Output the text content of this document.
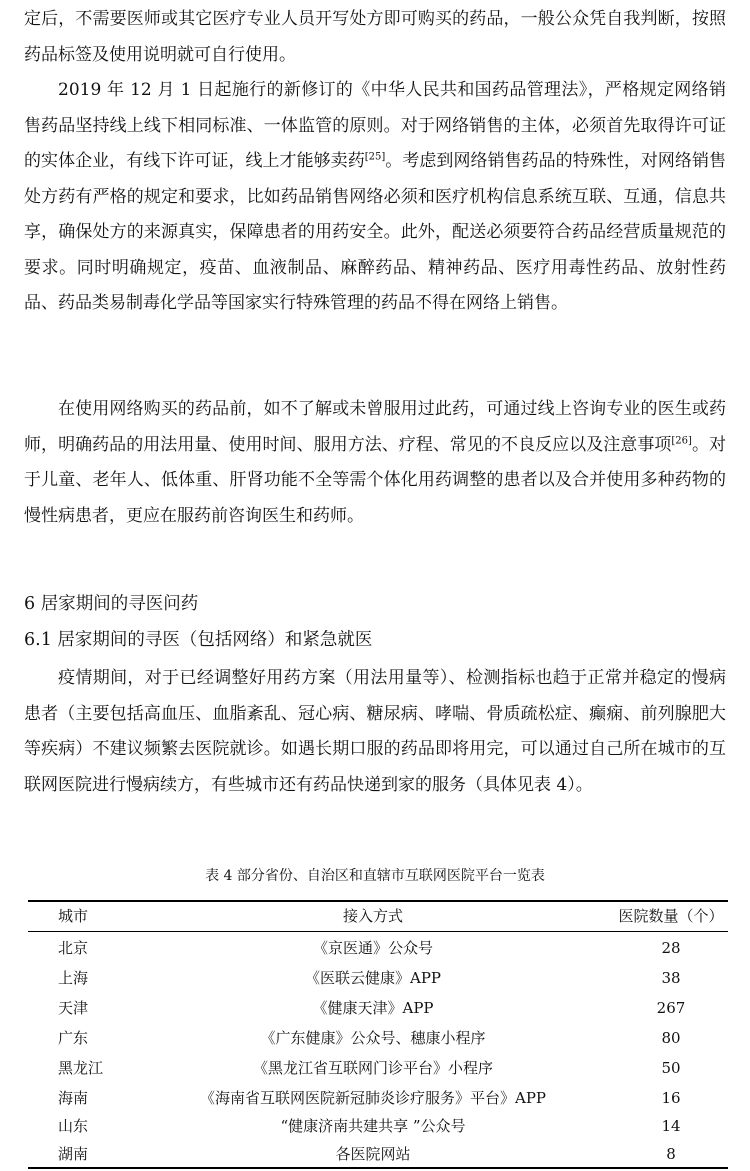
定后，不需要医师或其它医疗专业人员开写处方即可购买的药品，一般公众凭自我判断，按照药品标签及使用说明就可自行使用。

2019 年 12 月 1 日起施行的新修订的《中华人民共和国药品管理法》，严格规定网络销售药品坚持线上线下相同标准、一体监管的原则。对于网络销售的主体，必须首先取得许可证的实体企业，有线下许可证，线上才能够卖药[25]。考虑到网络销售药品的特殊性，对网络销售处方药有严格的规定和要求，比如药品销售网络必须和医疗机构信息系统互联、互通，信息共享，确保处方的来源真实，保障患者的用药安全。此外，配送必须要符合药品经营质量规范的要求。同时明确规定，疫苗、血液制品、麻醉药品、精神药品、医疗用毒性药品、放射性药品、药品类易制毒化学品等国家实行特殊管理的药品不得在网络上销售。

在使用网络购买的药品前，如不了解或未曾服用过此药，可通过线上咨询专业的医生或药师，明确药品的用法用量、使用时间、服用方法、疗程、常见的不良反应以及注意事项[26]。对于儿童、老年人、低体重、肝肾功能不全等需个体化用药调整的患者以及合并使用多种药物的慢性病患者，更应在服药前咨询医生和药师。

6 居家期间的寻医问药
6.1 居家期间的寻医（包括网络）和紧急就医

疫情期间，对于已经调整好用药方案（用法用量等）、检测指标也趋于正常并稳定的慢病患者（主要包括高血压、血脂紊乱、冠心病、糖尿病、哮喘、骨质疏松症、癫痫、前列腺肥大等疾病）不建议频繁去医院就诊。如遇长期口服的药品即将用完，可以通过自己所在城市的互联网医院进行慢病续方，有些城市还有药品快递到家的服务（具体见表 4）。

表 4 部分省份、自治区和直辖市互联网医院平台一览表
城市	接入方式	医院数量（个）
北京	《京医通》公众号	28
上海	《医联云健康》APP	38
天津	《健康天津》APP	267
广东	《广东健康》公众号、穗康小程序	80
黑龙江	《黑龙江省互联网门诊平台》小程序	50
海南	《海南省互联网医院新冠肺炎诊疗服务》平台》APP	16
山东	“健康济南共建共享 ”公众号	14
湖南	各医院网站	8
